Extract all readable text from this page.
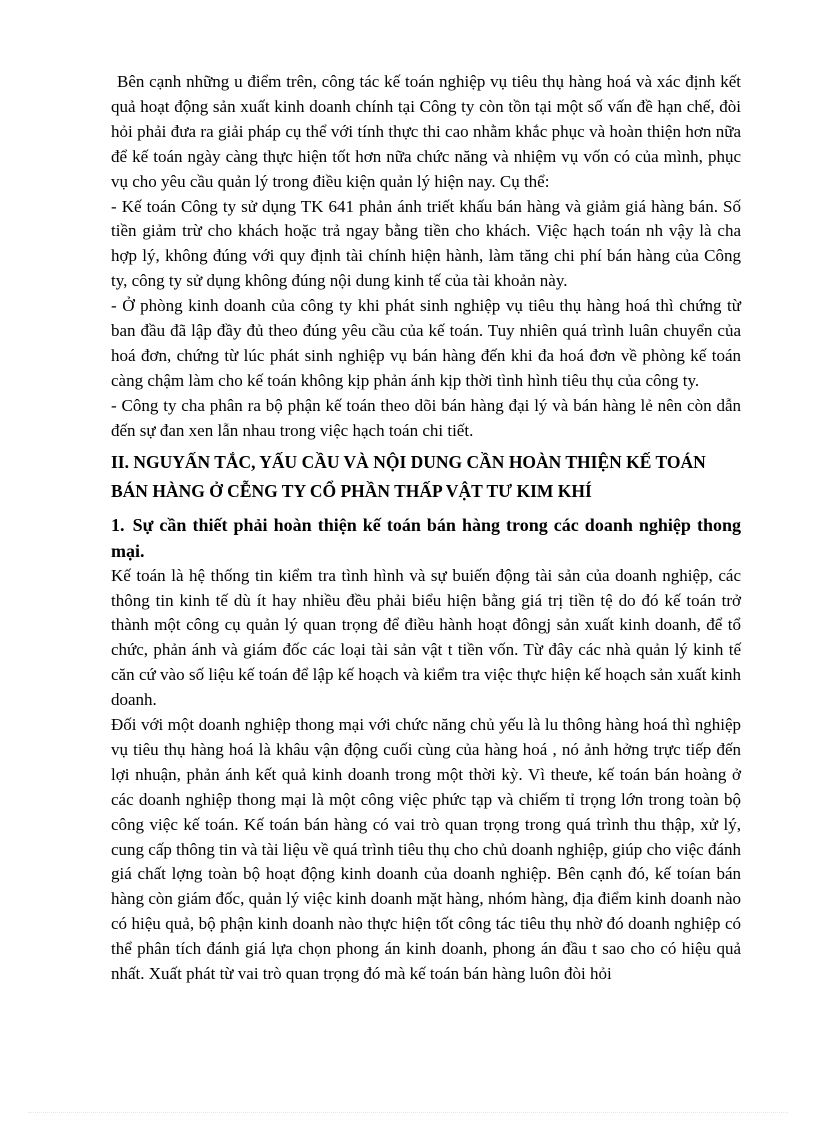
Bên cạnh những u điểm trên, công tác kế toán nghiệp vụ tiêu thụ hàng hoá và xác định kết quả hoạt động sản xuất kinh doanh chính tại Công ty còn tồn tại một số vấn đề hạn chế, đòi hỏi phải đưa ra giải pháp cụ thể với tính thực thi cao nhằm khắc phục và hoàn thiện hơn nữa để kế toán ngày càng thực hiện tốt hơn nữa chức năng và nhiệm vụ vốn có của mình, phục vụ cho yêu cầu quản lý trong điều kiện quản lý hiện nay. Cụ thể:

- Kế toán Công ty sử dụng TK 641 phản ánh triết khấu bán hàng và giảm giá hàng bán. Số tiền giảm trừ cho khách hoặc trả ngay bằng tiền cho khách. Việc hạch toán nh vậy là cha hợp lý, không đúng với quy định tài chính hiện hành, làm tăng chi phí bán hàng của Công ty, công ty sử dụng không đúng nội dung kinh tế của tài khoản này.

- Ở phòng kinh doanh của công ty khi phát sinh nghiệp vụ tiêu thụ hàng hoá thì chứng từ ban đầu đã lập đầy đủ theo đúng yêu cầu của kế toán. Tuy nhiên quá trình luân chuyển của hoá đơn, chứng từ lúc phát sinh nghiệp vụ bán hàng đến khi đa hoá đơn về phòng kế toán càng chậm làm cho kế toán không kịp phản ánh kịp thời tình hình tiêu thụ của công ty.

- Công ty cha phân ra bộ phận kế toán theo dõi bán hàng đại lý và bán hàng lẻ nên còn dẫn đến sự đan xen lẫn nhau trong việc hạch toán chi tiết.

II. NGUYẤN TẮC, YẤU CẦU VÀ NỘI DUNG CẦN HOÀN THIỆN KẾ TOÁN
BÁN HÀNG Ở CỄNG TY CỔ PHẦN THẤP VẬT TƯ KIM KHÍ
1. Sự cần thiết phải hoàn thiện kế toán bán hàng trong các doanh nghiệp thong mại.

Kế toán là hệ thống tin kiểm tra tình hình và sự buiến động tài sản của doanh nghiệp, các thông tin kinh tế dù ít hay nhiều đều phải biểu hiện bằng giá trị tiền tệ do đó kế toán trở thành một công cụ quản lý quan trọng để điều hành hoạt đôngj sản xuất kinh doanh, để tổ chức, phản ánh và giám đốc các loại tài sản vật t tiền vốn. Từ đây các nhà quản lý kinh tế căn cứ vào số liệu kế toán để lập kế hoạch và kiểm tra việc thực hiện kế hoạch sản xuất kinh doanh.

Đối với một doanh nghiệp thong mại với chức năng chủ yếu là lu thông hàng hoá thì nghiệp vụ tiêu thụ hàng hoá là khâu vận động cuối cùng của hàng hoá , nó ảnh hởng trực tiếp đến lợi nhuận, phản ánh kết quả kinh doanh trong một thời kỳ. Vì theưe, kế toán bán hoàng ở các doanh nghiệp thong mại là một công việc phức tạp và chiếm tỉ trọng lớn trong toàn bộ công việc kế toán. Kế toán bán hàng có vai trò quan trọng trong quá trình thu thập, xử lý, cung cấp thông tin và tài liệu về quá trình tiêu thụ cho chủ doanh nghiệp, giúp cho việc đánh giá chất lợng toàn bộ hoạt động kinh doanh của doanh nghiệp. Bên cạnh đó, kế toían bán hàng còn giám đốc, quản lý việc kinh doanh mặt hàng, nhóm hàng, địa điểm kinh doanh nào có hiệu quả, bộ phận kinh doanh nào thực hiện tốt công tác tiêu thụ nhờ đó doanh nghiệp có thể phân tích đánh giá lựa chọn phong án kinh doanh, phong án đầu t sao cho có hiệu quả nhất. Xuất phát từ vai trò quan trọng đó mà kế toán bán hàng luôn đòi hỏi
